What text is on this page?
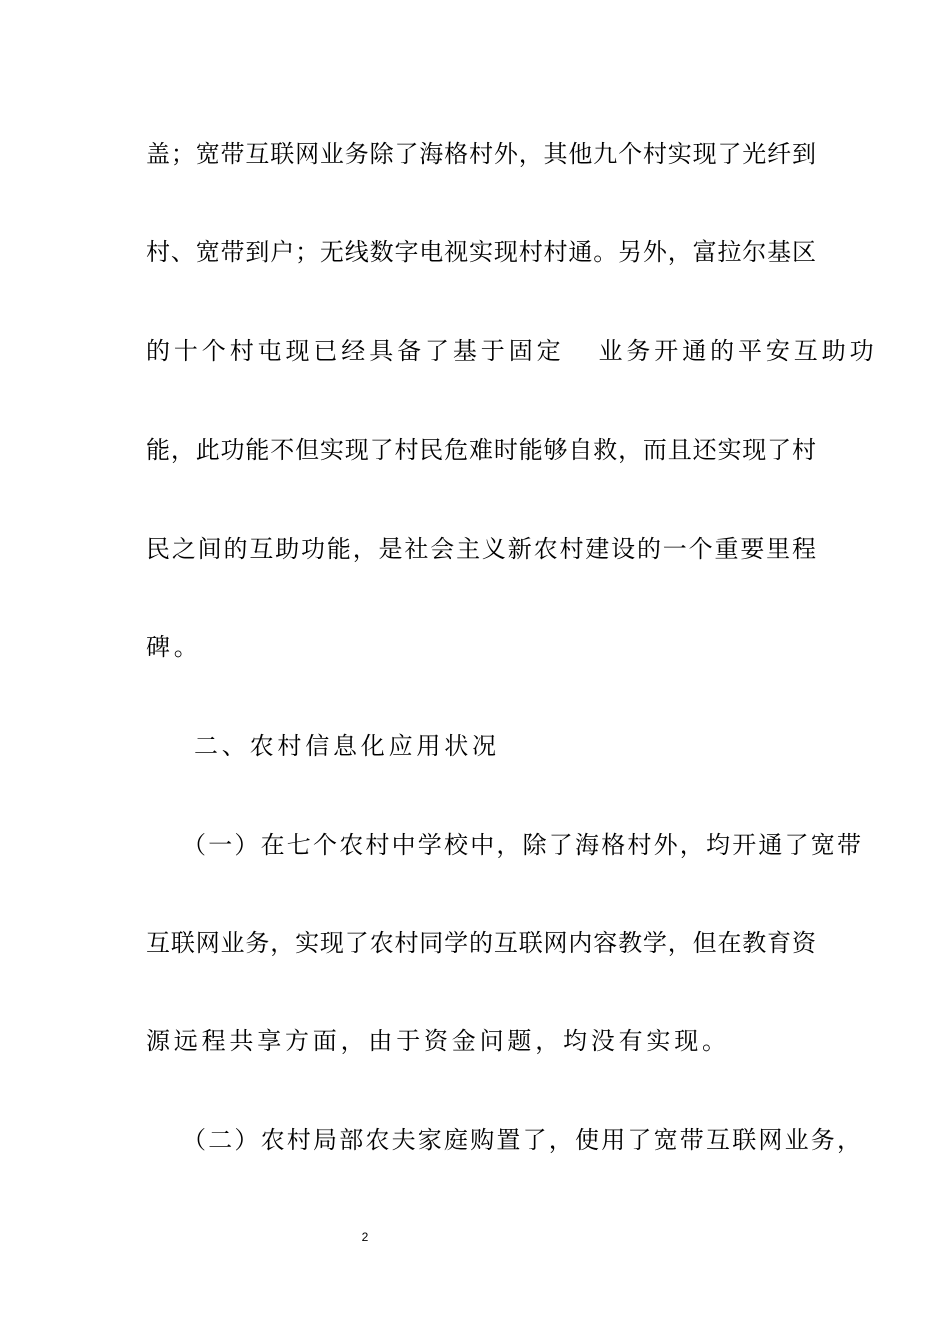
盖；宽带互联网业务除了海格村外，其他九个村实现了光纤到
村、宽带到户；无线数字电视实现村村通。另外，富拉尔基区
的十个村屯现已经具备了基于固定 业务开通的平安互助功
能，此功能不但实现了村民危难时能够自救，而且还实现了村
民之间的互助功能，是社会主义新农村建设的一个重要里程
碑。
二、农村信息化应用状况
（一）在七个农村中学校中，除了海格村外，均开通了宽带
互联网业务，实现了农村同学的互联网内容教学，但在教育资
源远程共享方面，由于资金问题，均没有实现。
（二）农村局部农夫家庭购置了，使用了宽带互联网业务，
2
